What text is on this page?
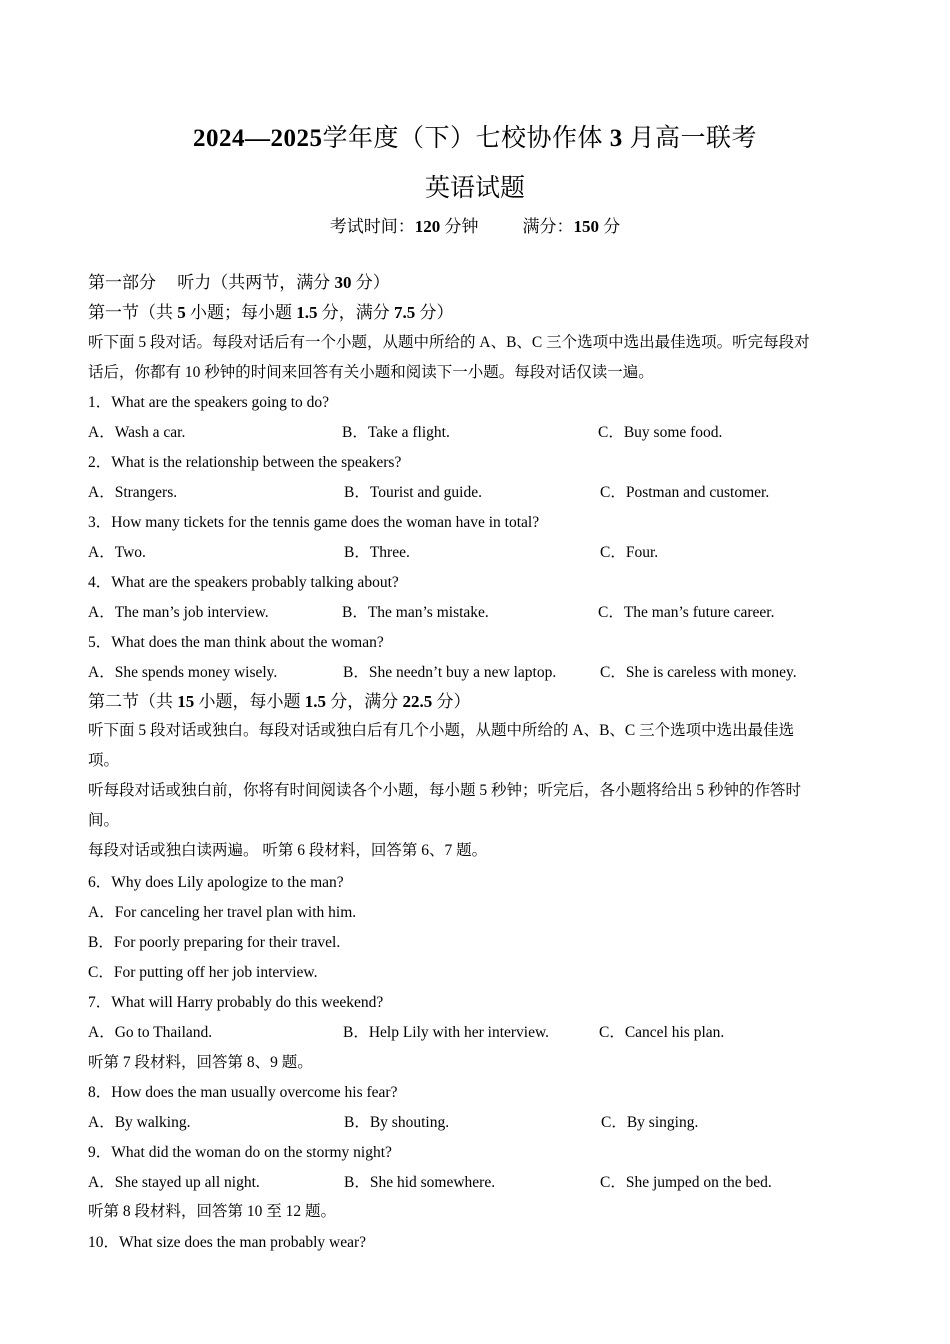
2024—2025学年度（下）七校协作体 3 月高一联考
英语试题
考试时间：120 分钟	满分：150 分
第一部分　 听力（共两节，满分 30 分）
第一节（共 5 小题；每小题 1.5 分，满分 7.5 分）
听下面 5 段对话。每段对话后有一个小题，从题中所给的 A、B、C 三个选项中选出最佳选项。听完每段对
话后，你都有 10 秒钟的时间来回答有关小题和阅读下一小题。每段对话仅读一遍。
1．What are the speakers going to do?
A．Wash a car.	B．Take a flight.	C．Buy some food.
2．What is the relationship between the speakers?
A．Strangers.	B．Tourist and guide.	C．Postman and customer.
3．How many tickets for the tennis game does the woman have in total?
A．Two.	B．Three.	C．Four.
4．What are the speakers probably talking about?
A．The man’s job interview.	B．The man’s mistake.	C．The man’s future career.
5．What does the man think about the woman?
A．She spends money wisely.	B．She needn’t buy a new laptop.	C．She is careless with money.
第二节（共 15 小题，每小题 1.5 分，满分 22.5 分）
听下面 5 段对话或独白。每段对话或独白后有几个小题，从题中所给的 A、B、C 三个选项中选出最佳选
项。
听每段对话或独白前，你将有时间阅读各个小题，每小题 5 秒钟；听完后，各小题将给出 5 秒钟的作答时
间。
每段对话或独白读两遍。 听第 6 段材料，回答第 6、7 题。
6．Why does Lily apologize to the man?
A．For canceling her travel plan with him.
B．For poorly preparing for their travel.
C．For putting off her job interview.
7．What will Harry probably do this weekend?
A．Go to Thailand.	B．Help Lily with her interview.	C．Cancel his plan.
听第 7 段材料，回答第 8、9 题。
8．How does the man usually overcome his fear?
A．By walking.	B．By shouting.	C．By singing.
9．What did the woman do on the stormy night?
A．She stayed up all night.	B．She hid somewhere.	C．She jumped on the bed.
听第 8 段材料，回答第 10 至 12 题。
10．What size does the man probably wear?
